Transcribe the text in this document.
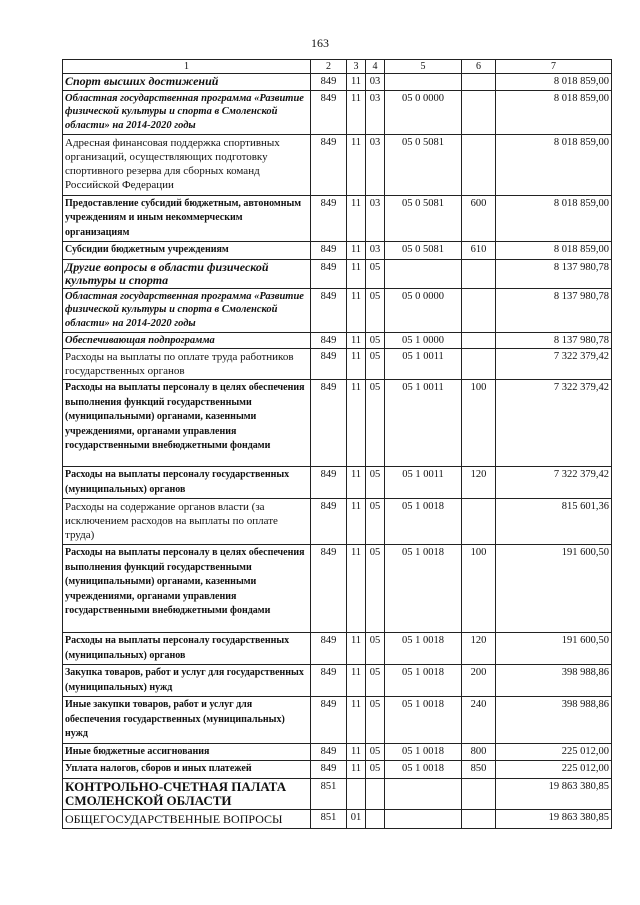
163
1	2	3	4	5	6	7
Спорт высших достижений	849	11	03			8 018 859,00
Областная государственная программа «Развитие физической культуры и спорта в Смоленской области» на 2014-2020 годы	849	11	03	05 0 0000		8 018 859,00
Адресная финансовая поддержка спортивных организаций, осуществляющих подготовку спортивного резерва для сборных команд Российской Федерации	849	11	03	05 0 5081		8 018 859,00
Предоставление субсидий бюджетным, автономным учреждениям и иным некоммерческим организациям	849	11	03	05 0 5081	600	8 018 859,00
Субсидии бюджетным учреждениям	849	11	03	05 0 5081	610	8 018 859,00
Другие вопросы в области физической культуры и спорта	849	11	05			8 137 980,78
Областная государственная программа «Развитие физической культуры и спорта в Смоленской области» на 2014-2020 годы	849	11	05	05 0 0000		8 137 980,78
Обеспечивающая подпрограмма	849	11	05	05 1 0000		8 137 980,78
Расходы на выплаты по оплате труда работников государственных органов	849	11	05	05 1 0011		7 322 379,42
Расходы на выплаты персоналу в целях обеспечения выполнения функций государственными (муниципальными) органами, казенными учреждениями, органами управления государственными внебюджетными фондами	849	11	05	05 1 0011	100	7 322 379,42
Расходы на выплаты персоналу государственных (муниципальных) органов	849	11	05	05 1 0011	120	7 322 379,42
Расходы на содержание органов власти (за исключением расходов на выплаты по оплате труда)	849	11	05	05 1 0018		815 601,36
Расходы на выплаты персоналу в целях обеспечения выполнения функций государственными (муниципальными) органами, казенными учреждениями, органами управления государственными внебюджетными фондами	849	11	05	05 1 0018	100	191 600,50
Расходы на выплаты персоналу государственных (муниципальных) органов	849	11	05	05 1 0018	120	191 600,50
Закупка товаров, работ и услуг для государственных (муниципальных) нужд	849	11	05	05 1 0018	200	398 988,86
Иные закупки товаров, работ и услуг для обеспечения государственных (муниципальных) нужд	849	11	05	05 1 0018	240	398 988,86
Иные бюджетные ассигнования	849	11	05	05 1 0018	800	225 012,00
Уплата налогов, сборов и иных платежей	849	11	05	05 1 0018	850	225 012,00
КОНТРОЛЬНО-СЧЕТНАЯ ПАЛАТА СМОЛЕНСКОЙ ОБЛАСТИ	851					19 863 380,85
ОБЩЕГОСУДАРСТВЕННЫЕ ВОПРОСЫ	851	01				19 863 380,85
